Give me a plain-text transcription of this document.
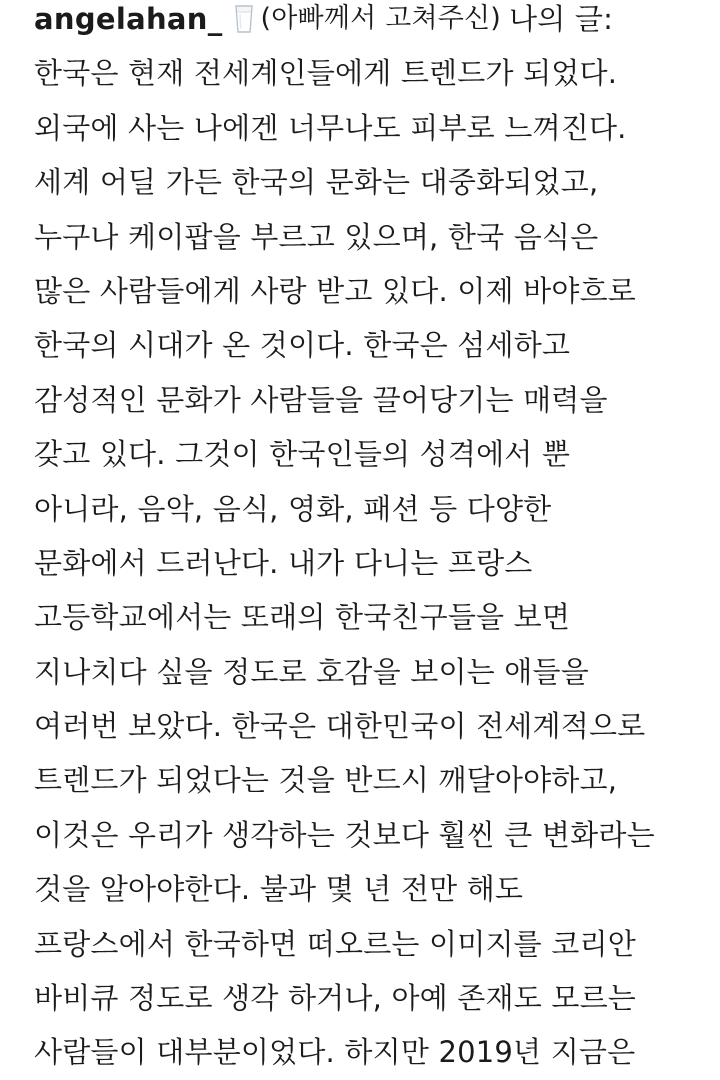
angelahan_ (아빠께서 고쳐주신) 나의 글:
한국은 현재 전세계인들에게 트렌드가 되었다.
외국에 사는 나에겐 너무나도 피부로 느껴진다.
세계 어딜 가든 한국의 문화는 대중화되었고,
누구나 케이팝을 부르고 있으며, 한국 음식은
많은 사람들에게 사랑 받고 있다. 이제 바야흐로
한국의 시대가 온 것이다. 한국은 섬세하고
감성적인 문화가 사람들을 끌어당기는 매력을
갖고 있다. 그것이 한국인들의 성격에서 뿐
아니라, 음악, 음식, 영화, 패션 등 다양한
문화에서 드러난다. 내가 다니는 프랑스
고등학교에서는 또래의 한국친구들을 보면
지나치다 싶을 정도로 호감을 보이는 애들을
여러번 보았다. 한국은 대한민국이 전세계적으로
트렌드가 되었다는 것을 반드시 깨달아야하고,
이것은 우리가 생각하는 것보다 훨씬 큰 변화라는
것을 알아야한다. 불과 몇 년 전만 해도
프랑스에서 한국하면 떠오르는 이미지를 코리안
바비큐 정도로 생각 하거나, 아예 존재도 모르는
사람들이 대부분이었다. 하지만 2019년 지금은
